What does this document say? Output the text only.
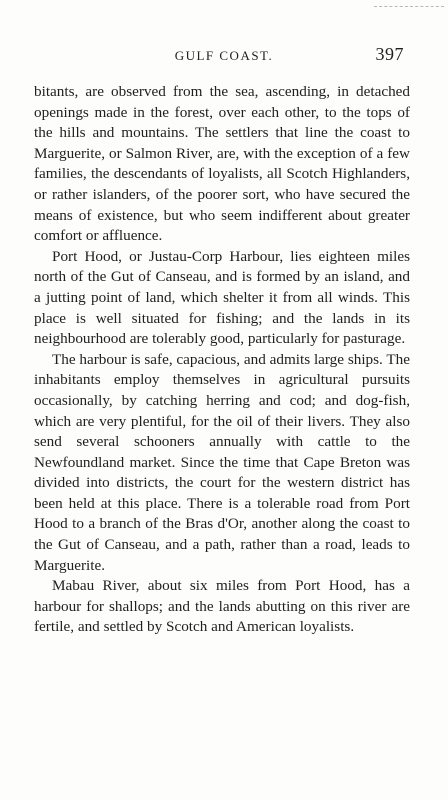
GULF COAST.	397

bitants, are observed from the sea, ascending, in detached openings made in the forest, over each other, to the tops of the hills and mountains. The settlers that line the coast to Marguerite, or Salmon River, are, with the exception of a few families, the descendants of loyalists, all Scotch Highlanders, or rather islanders, of the poorer sort, who have secured the means of existence, but who seem indifferent about greater comfort or affluence.

Port Hood, or Justau-Corp Harbour, lies eighteen miles north of the Gut of Canseau, and is formed by an island, and a jutting point of land, which shelter it from all winds. This place is well situated for fishing; and the lands in its neighbourhood are tolerably good, particularly for pasturage.

The harbour is safe, capacious, and admits large ships. The inhabitants employ themselves in agricultural pursuits occasionally, by catching herring and cod; and dog-fish, which are very plentiful, for the oil of their livers. They also send several schooners annually with cattle to the Newfoundland market. Since the time that Cape Breton was divided into districts, the court for the western district has been held at this place. There is a tolerable road from Port Hood to a branch of the Bras d'Or, another along the coast to the Gut of Canseau, and a path, rather than a road, leads to Marguerite.

Mabau River, about six miles from Port Hood, has a harbour for shallops; and the lands abutting on this river are fertile, and settled by Scotch and American loyalists.
